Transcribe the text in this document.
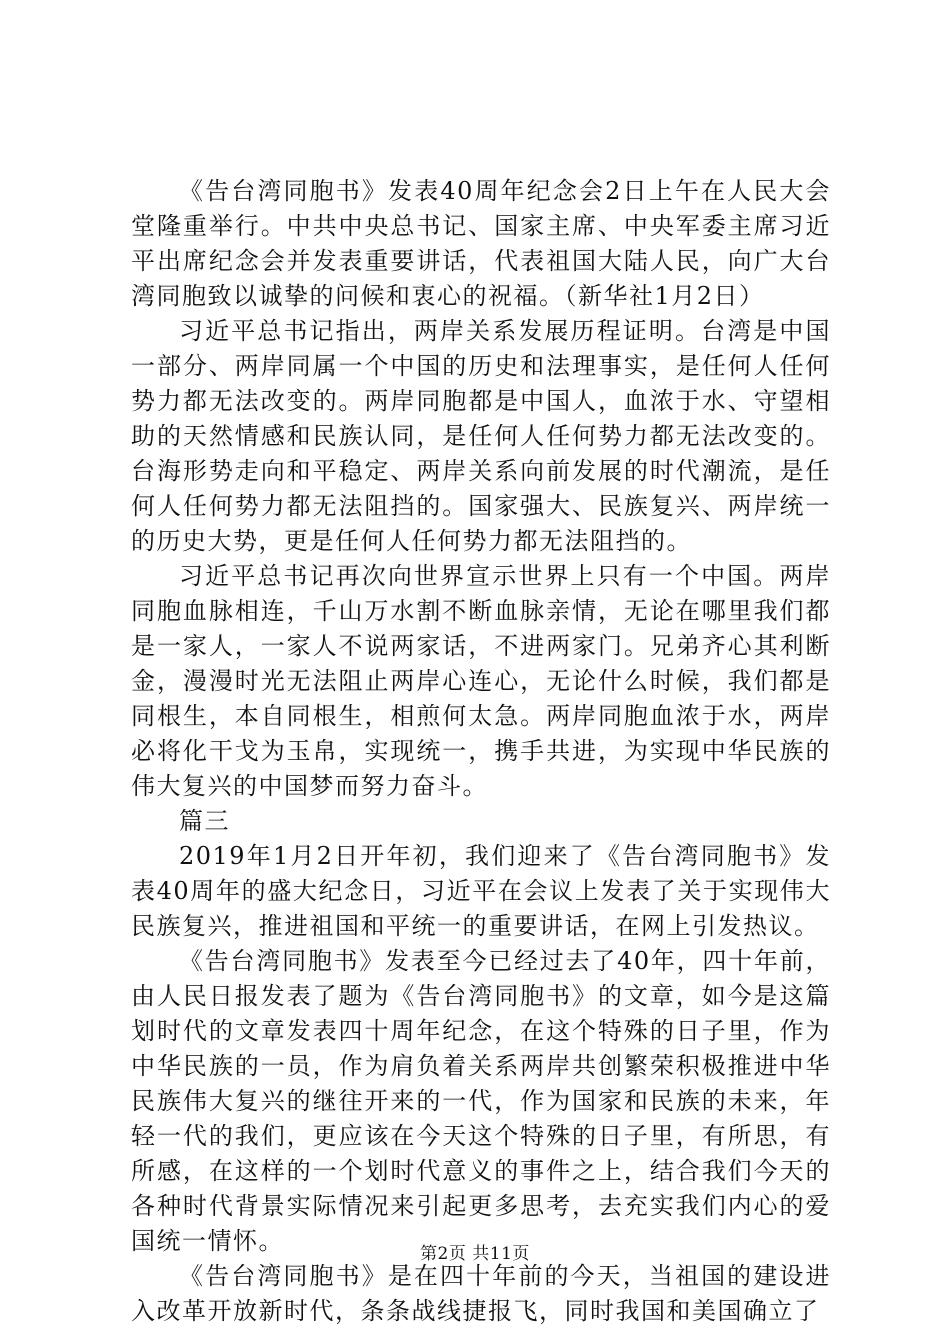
《告台湾同胞书》发表40周年纪念会2日上午在人民大会堂隆重举行。中共中央总书记、国家主席、中央军委主席习近平出席纪念会并发表重要讲话，代表祖国大陆人民，向广大台湾同胞致以诚挚的问候和衷心的祝福。（新华社1月2日）

习近平总书记指出，两岸关系发展历程证明。台湾是中国一部分、两岸同属一个中国的历史和法理事实，是任何人任何势力都无法改变的。两岸同胞都是中国人，血浓于水、守望相助的天然情感和民族认同，是任何人任何势力都无法改变的。台海形势走向和平稳定、两岸关系向前发展的时代潮流，是任何人任何势力都无法阻挡的。国家强大、民族复兴、两岸统一的历史大势，更是任何人任何势力都无法阻挡的。

习近平总书记再次向世界宣示世界上只有一个中国。两岸同胞血脉相连，千山万水割不断血脉亲情，无论在哪里我们都是一家人，一家人不说两家话，不进两家门。兄弟齐心其利断金，漫漫时光无法阻止两岸心连心，无论什么时候，我们都是同根生，本自同根生，相煎何太急。两岸同胞血浓于水，两岸必将化干戈为玉帛，实现统一，携手共进，为实现中华民族的伟大复兴的中国梦而努力奋斗。

篇三

2019年1月2日开年初，我们迎来了《告台湾同胞书》发表40周年的盛大纪念日，习近平在会议上发表了关于实现伟大民族复兴，推进祖国和平统一的重要讲话，在网上引发热议。

《告台湾同胞书》发表至今已经过去了40年，四十年前，由人民日报发表了题为《告台湾同胞书》的文章，如今是这篇划时代的文章发表四十周年纪念，在这个特殊的日子里，作为中华民族的一员，作为肩负着关系两岸共创繁荣积极推进中华民族伟大复兴的继往开来的一代，作为国家和民族的未来，年轻一代的我们，更应该在今天这个特殊的日子里，有所思，有所感，在这样的一个划时代意义的事件之上，结合我们今天的各种时代背景实际情况来引起更多思考，去充实我们内心的爱国统一情怀。

《告台湾同胞书》是在四十年前的今天，当祖国的建设进入改革开放新时代，条条战线捷报飞，同时我国和美国确立了

第2页 共11页
